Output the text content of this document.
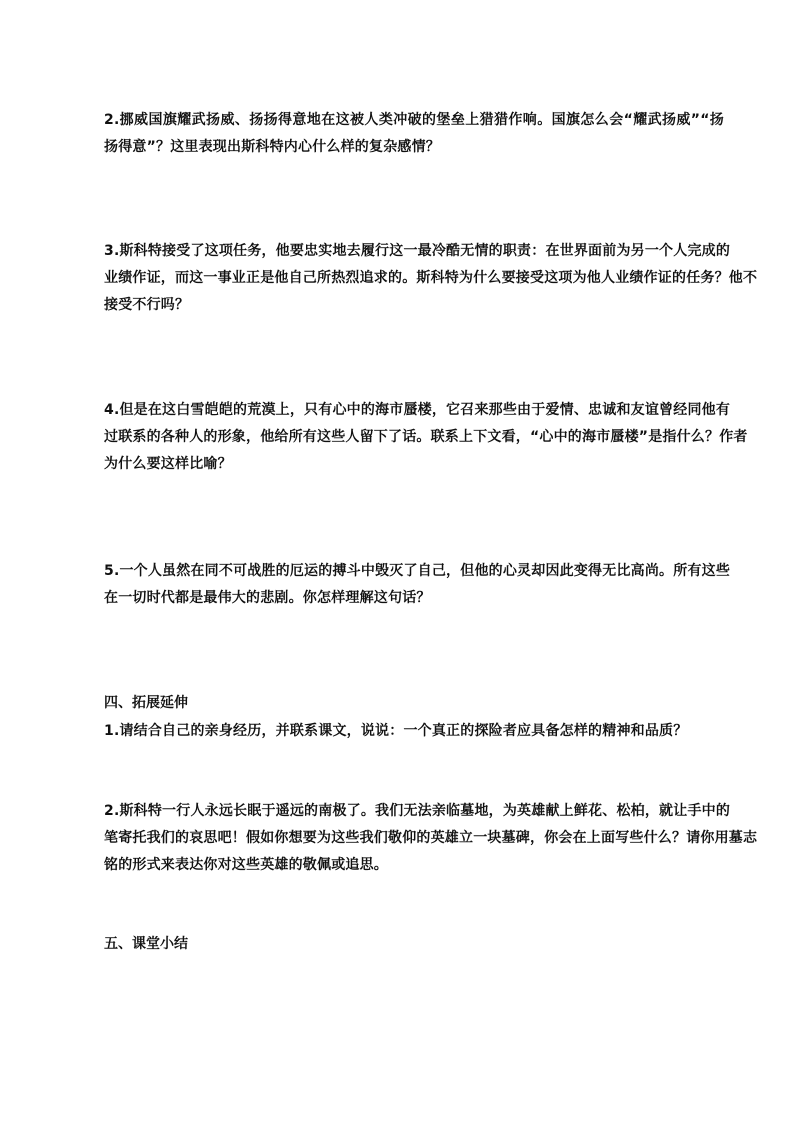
2.挪威国旗耀武扬威、扬扬得意地在这被人类冲破的堡垒上猎猎作响。国旗怎么会“耀武扬威”“扬
扬得意”？这里表现出斯科特内心什么样的复杂感情？
3.斯科特接受了这项任务，他要忠实地去履行这一最冷酷无情的职责：在世界面前为另一个人完成的
业绩作证，而这一事业正是他自己所热烈追求的。斯科特为什么要接受这项为他人业绩作证的任务？他不
接受不行吗？
4.但是在这白雪皑皑的荒漠上，只有心中的海市蜃楼，它召来那些由于爱情、忠诚和友谊曾经同他有
过联系的各种人的形象，他给所有这些人留下了话。联系上下文看，“心中的海市蜃楼”是指什么？作者
为什么要这样比喻？
5.一个人虽然在同不可战胜的厄运的搏斗中毁灭了自己，但他的心灵却因此变得无比高尚。所有这些
在一切时代都是最伟大的悲剧。你怎样理解这句话？
四、拓展延伸
1.请结合自己的亲身经历，并联系课文，说说：一个真正的探险者应具备怎样的精神和品质？
2.斯科特一行人永远长眠于遥远的南极了。我们无法亲临墓地，为英雄献上鲜花、松柏，就让手中的
笔寄托我们的哀思吧！假如你想要为这些我们敬仰的英雄立一块墓碑，你会在上面写些什么？请你用墓志
铭的形式来表达你对这些英雄的敬佩或追思。
五、课堂小结
